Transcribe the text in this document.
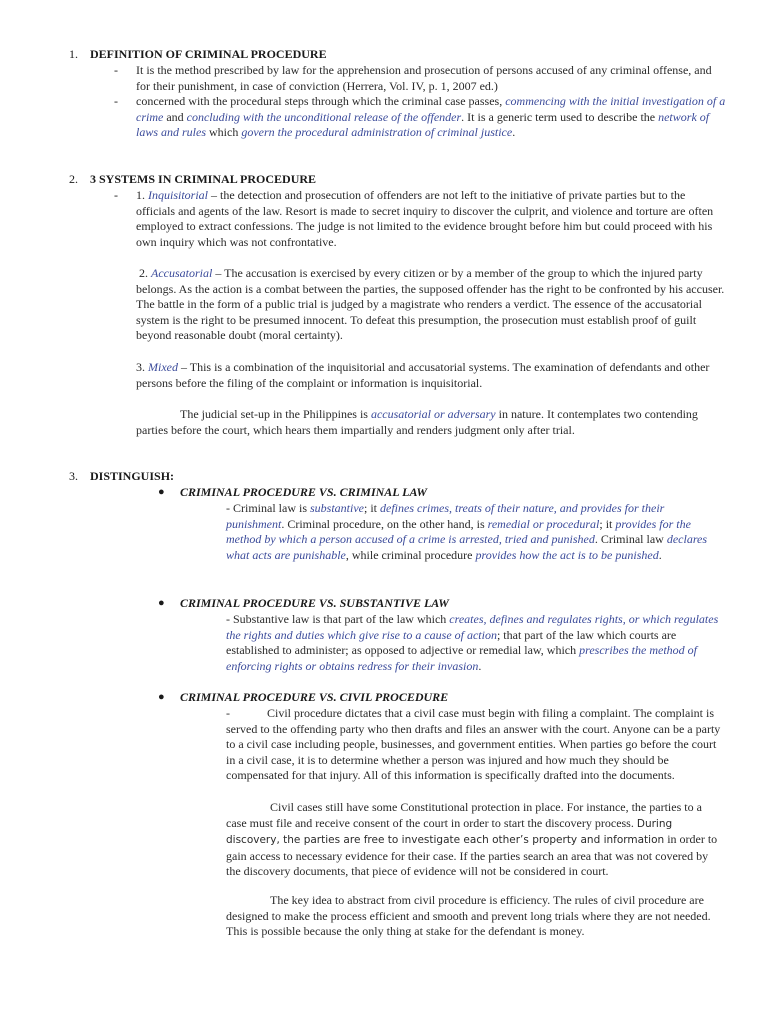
1. DEFINITION OF CRIMINAL PROCEDURE
- It is the method prescribed by law for the apprehension and prosecution of persons accused of any criminal offense, and for their punishment, in case of conviction (Herrera, Vol. IV, p. 1, 2007 ed.)
- concerned with the procedural steps through which the criminal case passes, commencing with the initial investigation of a crime and concluding with the unconditional release of the offender. It is a generic term used to describe the network of laws and rules which govern the procedural administration of criminal justice.
2. 3 SYSTEMS IN CRIMINAL PROCEDURE
- 1. Inquisitorial – the detection and prosecution of offenders are not left to the initiative of private parties but to the officials and agents of the law. Resort is made to secret inquiry to discover the culprit, and violence and torture are often employed to extract confessions. The judge is not limited to the evidence brought before him but could proceed with his own inquiry which was not confrontative.
2. Accusatorial – The accusation is exercised by every citizen or by a member of the group to which the injured party belongs. As the action is a combat between the parties, the supposed offender has the right to be confronted by his accuser. The battle in the form of a public trial is judged by a magistrate who renders a verdict. The essence of the accusatorial system is the right to be presumed innocent. To defeat this presumption, the prosecution must establish proof of guilt beyond reasonable doubt (moral certainty).
3. Mixed – This is a combination of the inquisitorial and accusatorial systems. The examination of defendants and other persons before the filing of the complaint or information is inquisitorial.
The judicial set-up in the Philippines is accusatorial or adversary in nature. It contemplates two contending parties before the court, which hears them impartially and renders judgment only after trial.
3. DISTINGUISH:
● CRIMINAL PROCEDURE VS. CRIMINAL LAW
- Criminal law is substantive; it defines crimes, treats of their nature, and provides for their punishment. Criminal procedure, on the other hand, is remedial or procedural; it provides for the method by which a person accused of a crime is arrested, tried and punished. Criminal law declares what acts are punishable, while criminal procedure provides how the act is to be punished.
● CRIMINAL PROCEDURE VS. SUBSTANTIVE LAW
- Substantive law is that part of the law which creates, defines and regulates rights, or which regulates the rights and duties which give rise to a cause of action; that part of the law which courts are established to administer; as opposed to adjective or remedial law, which prescribes the method of enforcing rights or obtains redress for their invasion.
● CRIMINAL PROCEDURE VS. CIVIL PROCEDURE
-	Civil procedure dictates that a civil case must begin with filing a complaint. The complaint is served to the offending party who then drafts and files an answer with the court. Anyone can be a party to a civil case including people, businesses, and government entities. When parties go before the court in a civil case, it is to determine whether a person was injured and how much they should be compensated for that injury. All of this information is specifically drafted into the documents.
Civil cases still have some Constitutional protection in place. For instance, the parties to a case must file and receive consent of the court in order to start the discovery process. During discovery, the parties are free to investigate each other’s property and information in order to gain access to necessary evidence for their case. If the parties search an area that was not covered by the discovery documents, that piece of evidence will not be considered in court.
The key idea to abstract from civil procedure is efficiency. The rules of civil procedure are designed to make the process efficient and smooth and prevent long trials where they are not needed. This is possible because the only thing at stake for the defendant is money.
